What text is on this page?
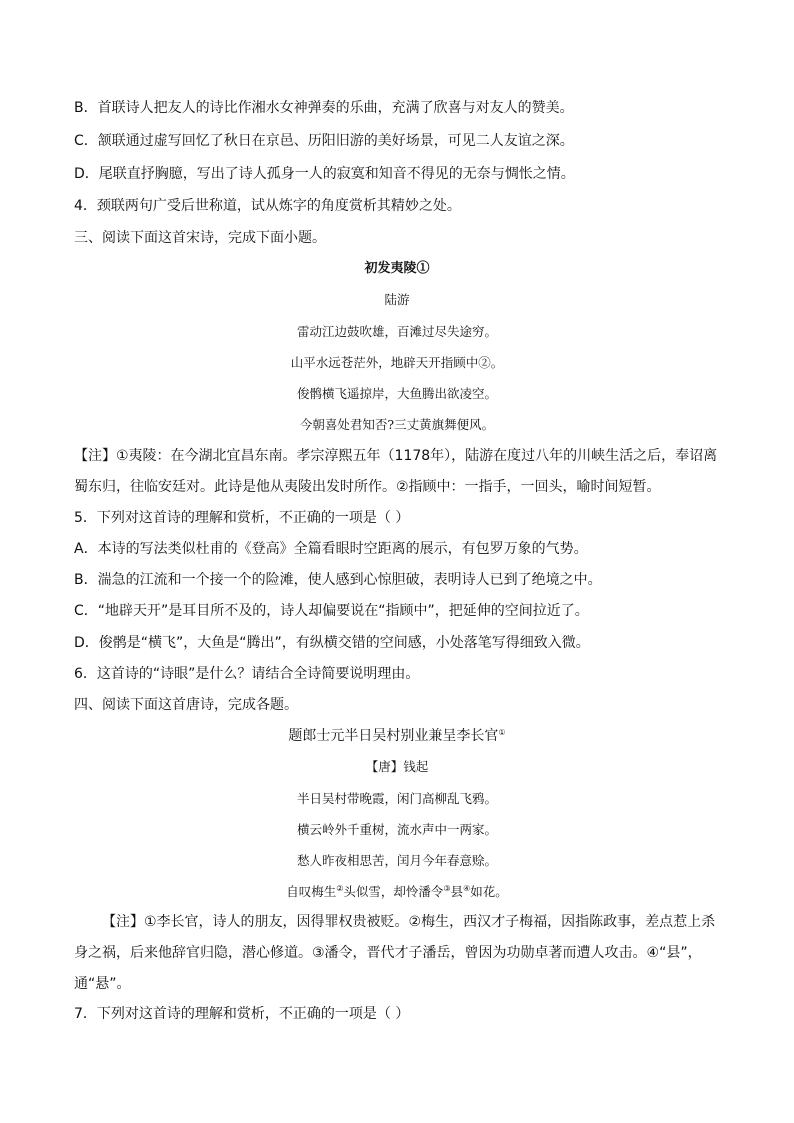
B．首联诗人把友人的诗比作湘水女神弹奏的乐曲，充满了欣喜与对友人的赞美。
C．颔联通过虚写回忆了秋日在京邑、历阳旧游的美好场景，可见二人友谊之深。
D．尾联直抒胸臆，写出了诗人孤身一人的寂寞和知音不得见的无奈与惆怅之情。
4．颈联两句广受后世称道，试从炼字的角度赏析其精妙之处。
三、阅读下面这首宋诗，完成下面小题。
初发夷陵①
陆游
雷动江边鼓吹雄，百滩过尽失途穷。
山平水远苍茫外，地辟天开指顾中②。
俊鹘横飞遥掠岸，大鱼腾出欲凌空。
今朝喜处君知否?三丈黄旗舞便风。
【注】①夷陵：在今湖北宜昌东南。孝宗淳熙五年（1178年），陆游在度过八年的川峡生活之后，奉诏离蜀东归，往临安廷对。此诗是他从夷陵出发时所作。②指顾中：一指手，一回头，喻时间短暂。
5．下列对这首诗的理解和赏析，不正确的一项是（ ）
A．本诗的写法类似杜甫的《登高》全篇看眼时空距离的展示，有包罗万象的气势。
B．湍急的江流和一个接一个的险滩，使人感到心惊胆破，表明诗人已到了绝境之中。
C．“地辟天开”是耳目所不及的，诗人却偏要说在“指顾中”，把延伸的空间拉近了。
D．俊鹘是“横飞”，大鱼是“腾出”，有纵横交错的空间感，小处落笔写得细致入微。
6．这首诗的“诗眼”是什么？请结合全诗简要说明理由。
四、阅读下面这首唐诗，完成各题。
题郎士元半日吴村别业兼呈李长官①
【唐】钱起
半日吴村带晚霞，闲门高柳乱飞鸦。
横云岭外千重树，流水声中一两家。
愁人昨夜相思苦，闰月今年春意赊。
自叹梅生②头似雪，却怜潘令③县④如花。
【注】①李长官，诗人的朋友，因得罪权贵被贬。②梅生，西汉才子梅福，因指陈政事，差点惹上杀身之祸，后来他辞官归隐，潜心修道。③潘令，晋代才子潘岳，曾因为功勋卓著而遭人攻击。④“县”，通“悬”。
7．下列对这首诗的理解和赏析，不正确的一项是（ ）
